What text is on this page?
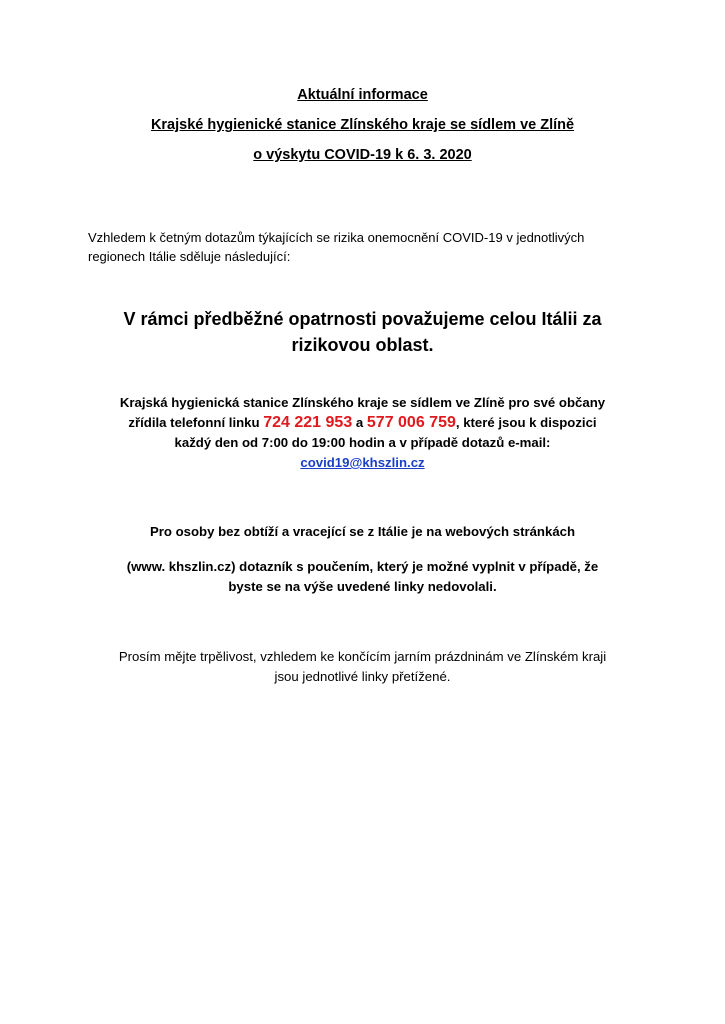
Aktuální informace
Krajské hygienické stanice Zlínského kraje se sídlem ve Zlíně
o výskytu COVID-19 k 6. 3. 2020
Vzhledem k četným dotazům týkajících se rizika onemocnění COVID-19 v jednotlivých
regionech Itálie sděluje následující:
V rámci předběžné opatrnosti považujeme celou Itálii za
rizikovou oblast.
Krajská hygienická stanice Zlínského kraje se sídlem ve Zlíně pro své občany
zřídila telefonní linku 724 221 953 a 577 006 759, které jsou k dispozici
každý den od 7:00 do 19:00 hodin a v případě dotazů e-mail:
covid19@khszlin.cz
Pro osoby bez obtíží a vracející se z Itálie je na webových stránkách
(www. khszlin.cz) dotazník s poučením, který je možné vyplnit v případě, že
byste se na výše uvedené linky nedovolali.
Prosím mějte trpělivost, vzhledem ke končícím jarním prázdninám ve Zlínském kraji
jsou jednotlivé linky přetížené.
